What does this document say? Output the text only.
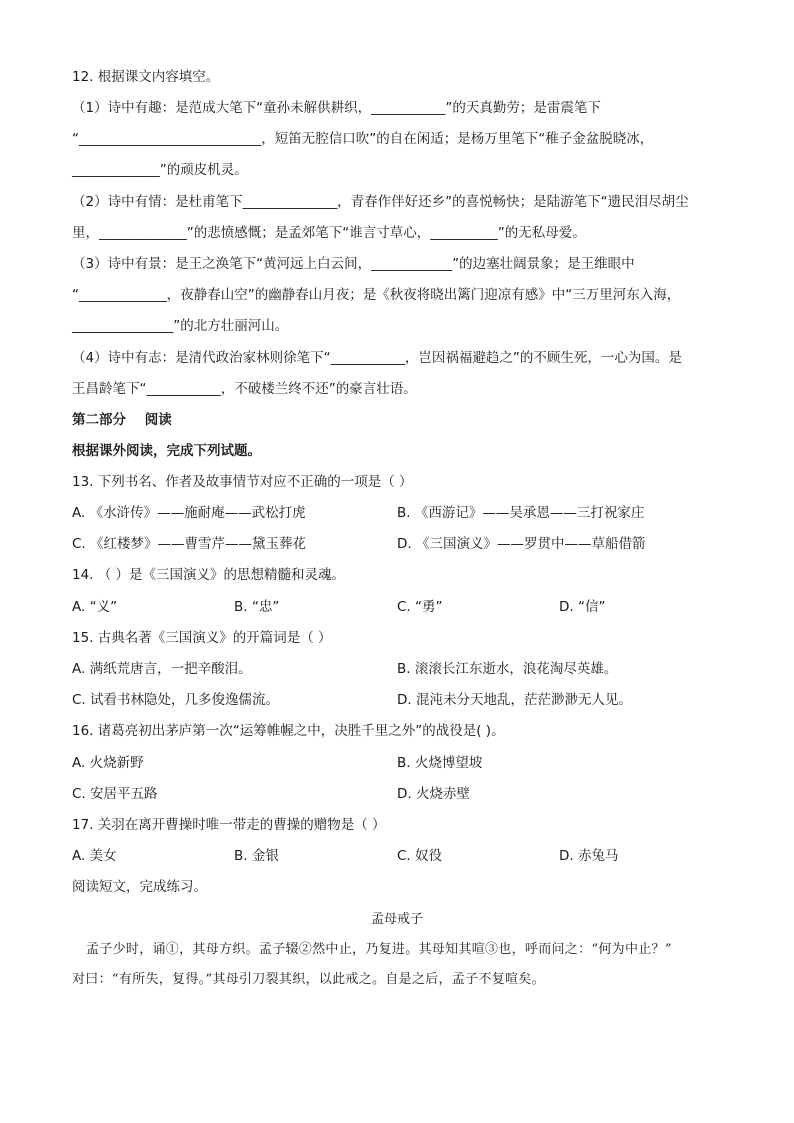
12. 根据课文内容填空。
（1）诗中有趣：是范成大笔下“童孙未解供耕织，___________”的天真勤劳；是雷震笔下
“___________________________，短笛无腔信口吹”的自在闲适；是杨万里笔下“稚子金盆脱晓冰，
_____________”的顽皮机灵。
（2）诗中有情：是杜甫笔下______________，青春作伴好还乡”的喜悦畅快；是陆游笔下“遗民泪尽胡尘
里，_____________”的悲愤感慨；是孟郊笔下“谁言寸草心，__________”的无私母爱。
（3）诗中有景：是王之涣笔下“黄河远上白云间，____________”的边塞壮阔景象；是王维眼中
“_____________，夜静春山空”的幽静春山月夜；是《秋夜将晓出篱门迎凉有感》中“三万里河东入海，
_______________”的北方壮丽河山。
（4）诗中有志：是清代政治家林则徐笔下“___________，岂因祸福避趋之”的不顾生死，一心为国。是
王昌龄笔下“___________，不破楼兰终不还”的豪言壮语。
第二部分    阅读
根据课外阅读，完成下列试题。
13. 下列书名、作者及故事情节对应不正确的一项是（ ）
A. 《水浒传》——施耐庵——武松打虎	B. 《西游记》——吴承恩——三打祝家庄
C. 《红楼梦》——曹雪芹——黛玉葬花	D. 《三国演义》——罗贯中——草船借箭
14. （ ）是《三国演义》的思想精髓和灵魂。
A. “义”	B. “忠”	C. “勇”	D. “信”
15. 古典名著《三国演义》的开篇词是（ ）
A. 满纸荒唐言，一把辛酸泪。	B. 滚滚长江东逝水，浪花淘尽英雄。
C. 试看书林隐处，几多俊逸儒流。	D. 混沌未分天地乱，茫茫渺渺无人见。
16. 诸葛亮初出茅庐第一次“运筹帷幄之中，决胜千里之外”的战役是( )。
A. 火烧新野	B. 火烧博望坡
C. 安居平五路	D. 火烧赤壁
17. 关羽在离开曹操时唯一带走的曹操的赠物是（ ）
A. 美女	B. 金银	C. 奴役	D. 赤兔马
阅读短文，完成练习。
孟母戒子
孟子少时，诵①，其母方织。孟子辍②然中止，乃复进。其母知其喧③也，呼而问之：“何为中止？”
对曰：“有所失，复得。”其母引刀裂其织，以此戒之。自是之后，孟子不复喧矣。
